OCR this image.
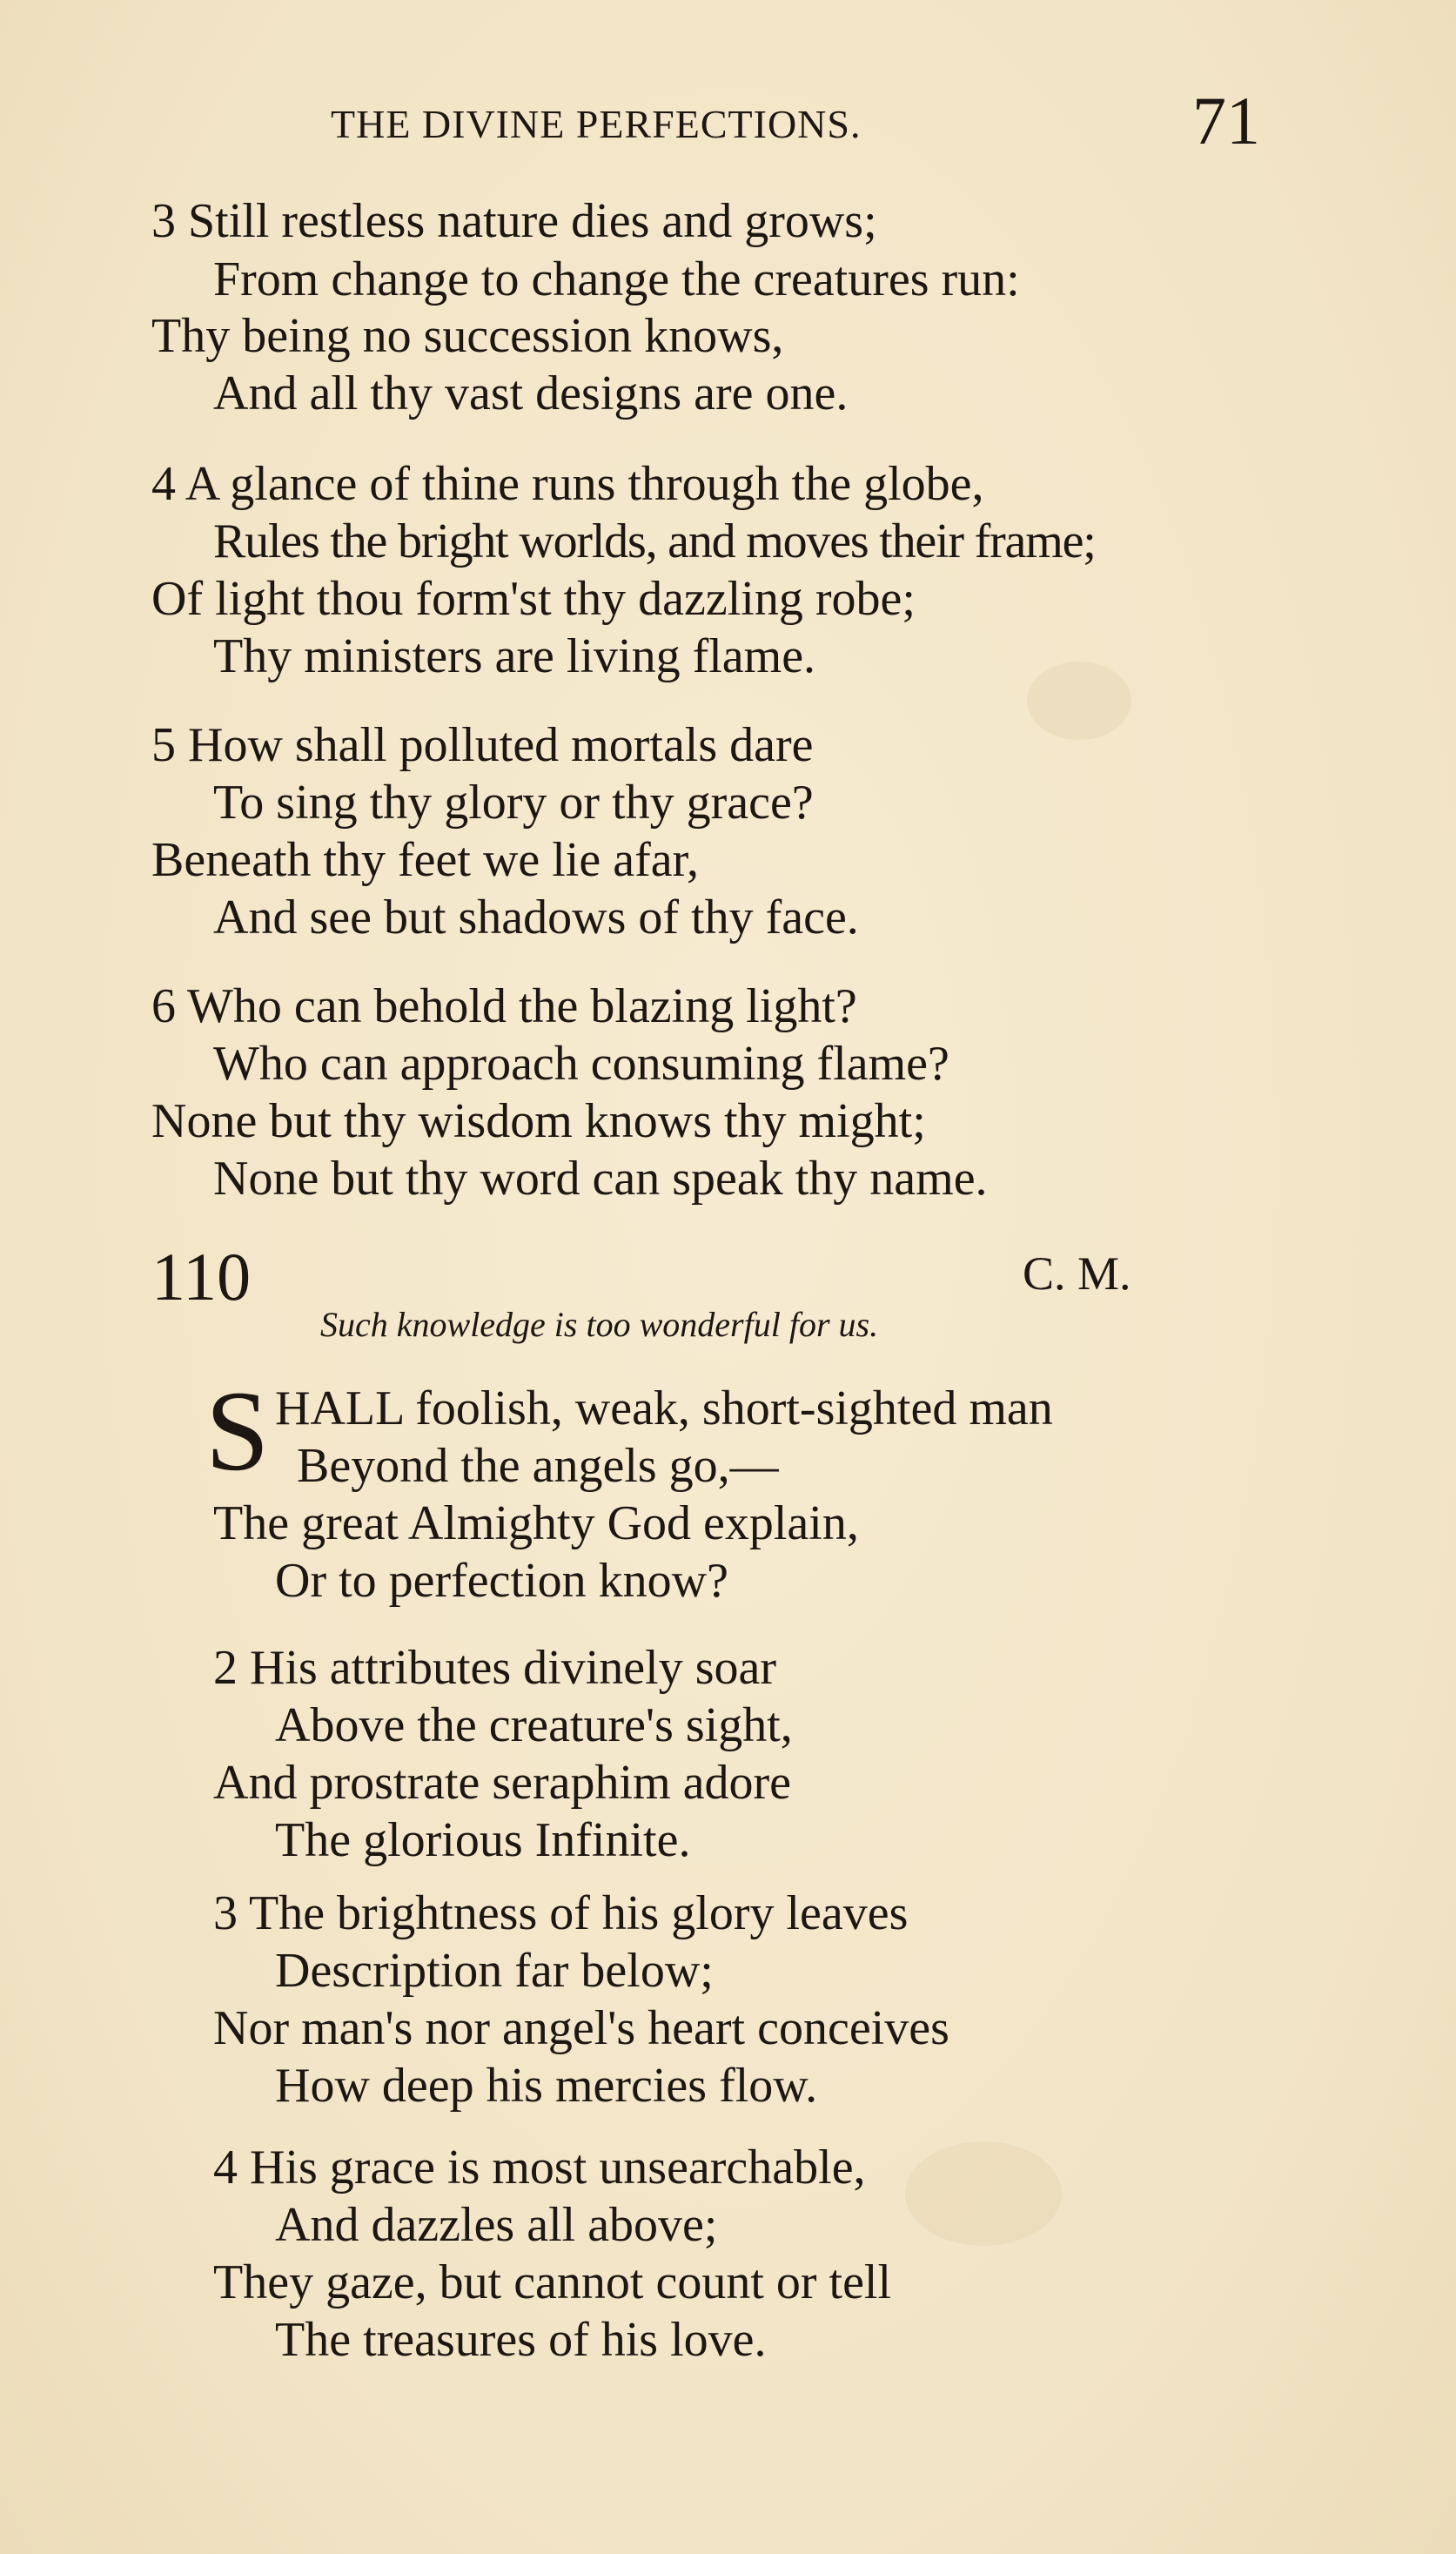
THE DIVINE PERFECTIONS.	71
3 Still restless nature dies and grows;
From change to change the creatures run:
Thy being no succession knows,
And all thy vast designs are one.
4 A glance of thine runs through the globe,
Rules the bright worlds, and moves their frame;
Of light thou form'st thy dazzling robe;
Thy ministers are living flame.
5 How shall polluted mortals dare
To sing thy glory or thy grace?
Beneath thy feet we lie afar,
And see but shadows of thy face.
6 Who can behold the blazing light?
Who can approach consuming flame?
None but thy wisdom knows thy might;
None but thy word can speak thy name.
110	C. M.
Such knowledge is too wonderful for us.
S HALL foolish, weak, short-sighted man
Beyond the angels go,—
The great Almighty God explain,
Or to perfection know?
2 His attributes divinely soar
Above the creature's sight,
And prostrate seraphim adore
The glorious Infinite.
3 The brightness of his glory leaves
Description far below;
Nor man's nor angel's heart conceives
How deep his mercies flow.
4 His grace is most unsearchable,
And dazzles all above;
They gaze, but cannot count or tell
The treasures of his love.
